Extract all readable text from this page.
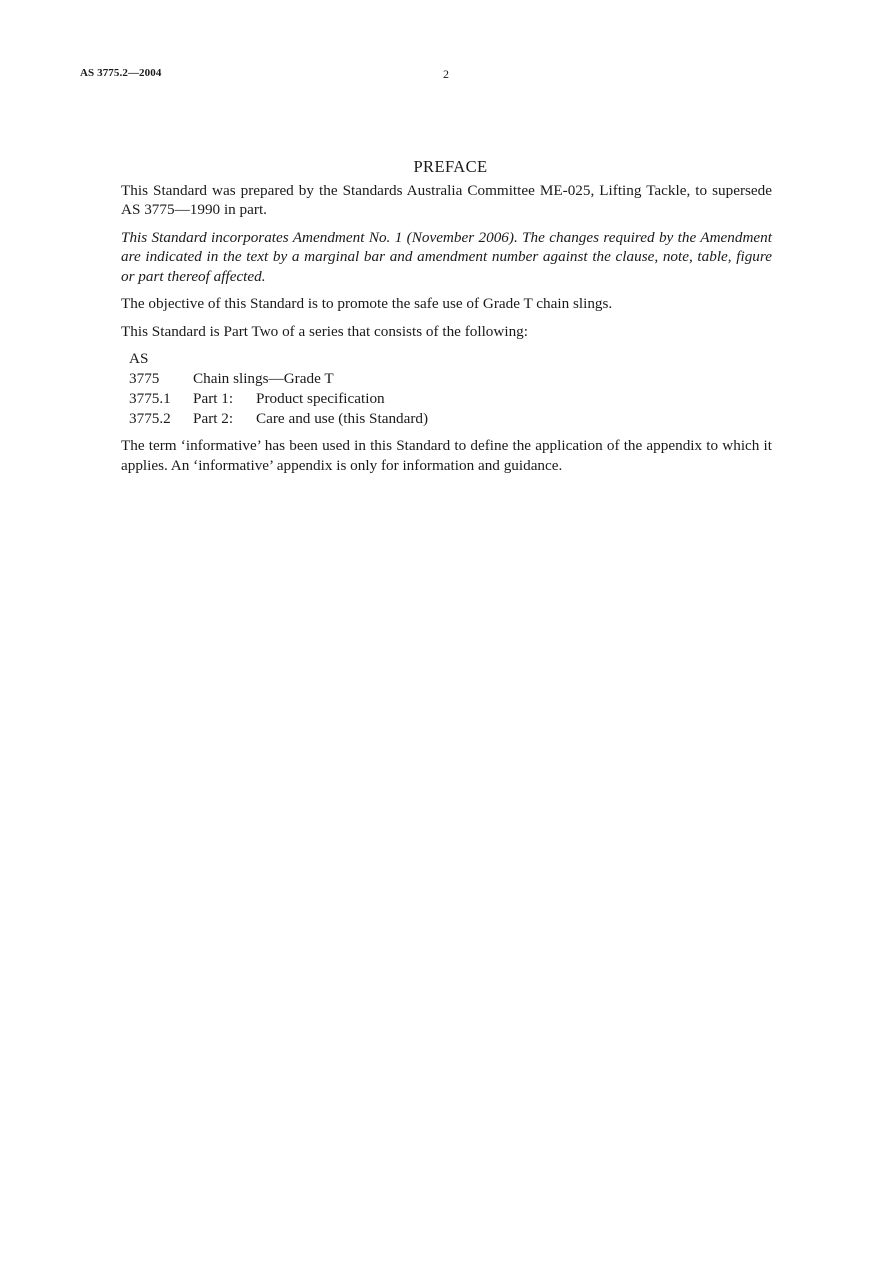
AS 3775.2—2004	2
PREFACE

This Standard was prepared by the Standards Australia Committee ME-025, Lifting Tackle, to supersede AS 3775—1990 in part.

This Standard incorporates Amendment No. 1 (November 2006). The changes required by the Amendment are indicated in the text by a marginal bar and amendment number against the clause, note, table, figure or part thereof affected.

The objective of this Standard is to promote the safe use of Grade T chain slings.

This Standard is Part Two of a series that consists of the following:

AS		
3775	Chain slings—Grade T	
3775.1	Part 1:	Product specification
3775.2	Part 2:	Care and use (this Standard)

The term ‘informative’ has been used in this Standard to define the application of the appendix to which it applies. An ‘informative’ appendix is only for information and guidance.
